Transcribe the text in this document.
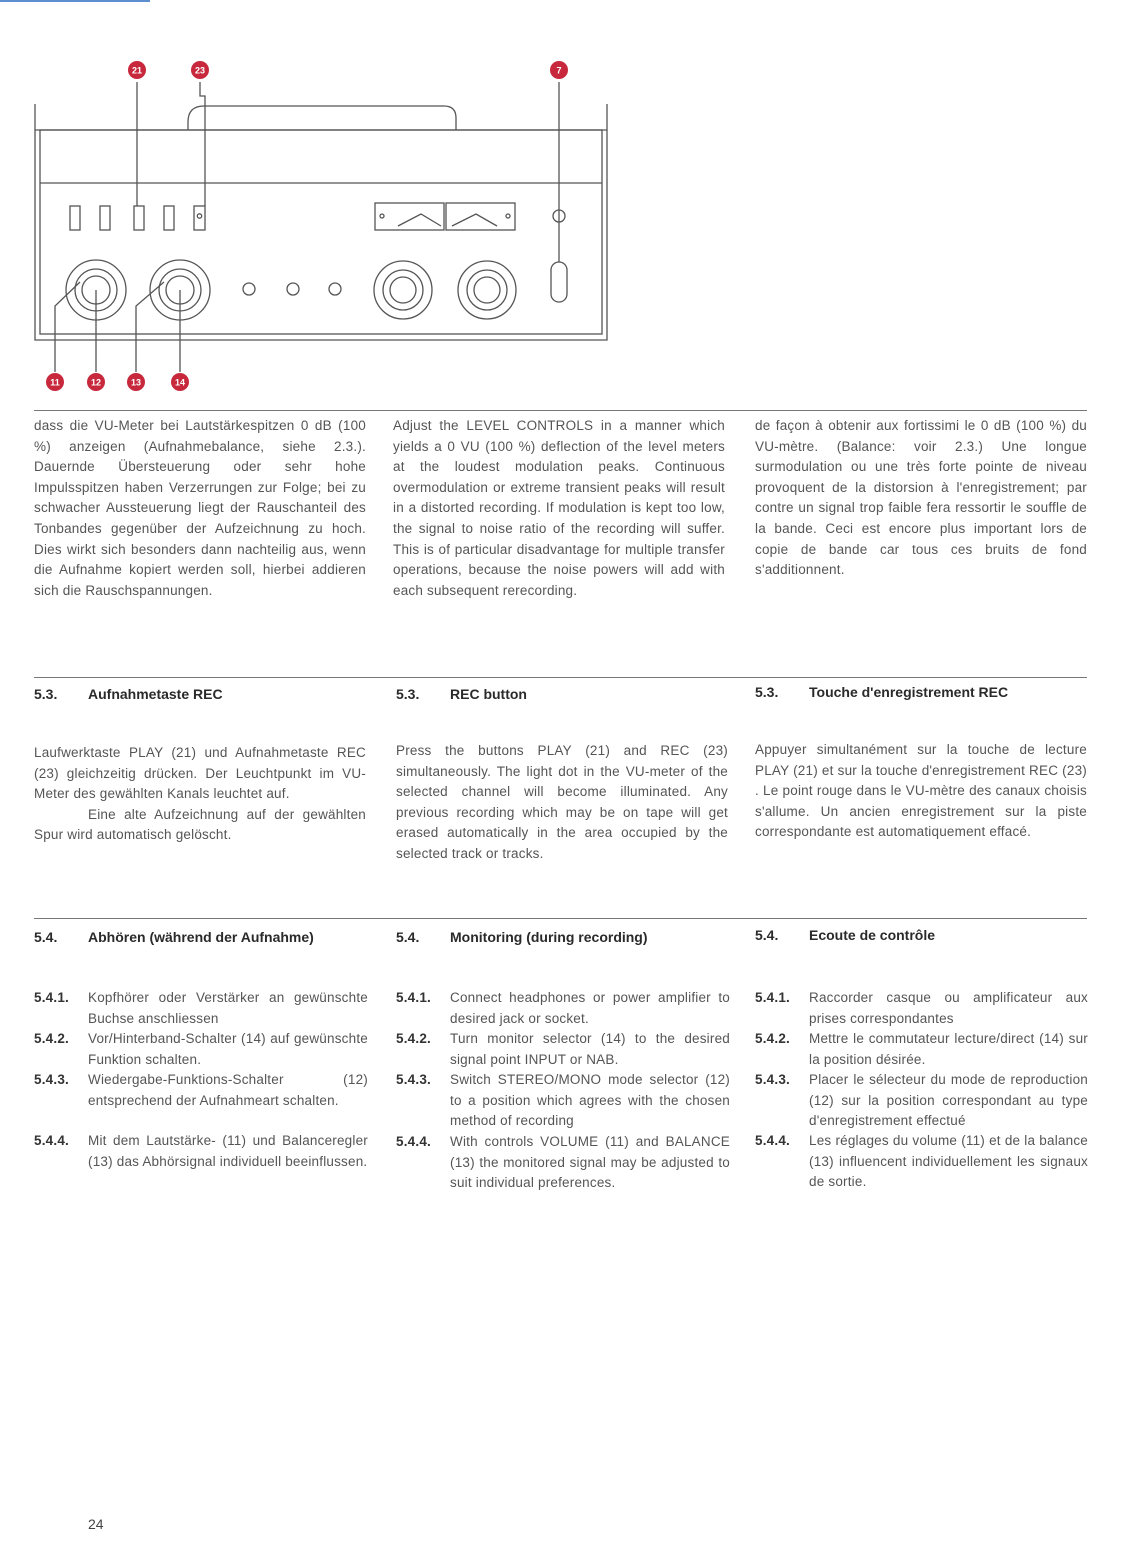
21	23	7
11	12	13	14

dass die VU-Meter bei Lautstärkespitzen 0 dB (100 %) anzeigen (Aufnahmebalance, siehe 2.3.). Dauernde Übersteuerung oder sehr hohe Impulsspitzen haben Verzerrungen zur Folge; bei zu schwacher Aussteuerung liegt der Rauschanteil des Tonbandes gegenüber der Aufzeichnung zu hoch. Dies wirkt sich besonders dann nachteilig aus, wenn die Aufnahme kopiert werden soll, hierbei addieren sich die Rauschspannungen.

Adjust the LEVEL CONTROLS in a manner which yields a 0 VU (100 %) deflection of the level meters at the loudest modulation peaks. Continuous overmodulation or extreme transient peaks will result in a distorted recording. If modulation is kept too low, the signal to noise ratio of the recording will suffer. This is of particular disadvantage for multiple transfer operations, because the noise powers will add with each subsequent rerecording.

de façon à obtenir aux fortissimi le 0 dB (100 %) du VU-mètre. (Balance: voir 2.3.) Une longue surmodulation ou une très forte pointe de niveau provoquent de la distorsion à l'enregistrement; par contre un signal trop faible fera ressortir le souffle de la bande. Ceci est encore plus important lors de copie de bande car tous ces bruits de fond s'additionnent.

5.3. Aufnahmetaste REC	5.3. REC button	5.3. Touche d'enregistrement REC

Laufwerktaste PLAY (21) und Aufnahmetaste REC (23) gleichzeitig drücken. Der Leuchtpunkt im VU-Meter des gewählten Kanals leuchtet auf.

Eine alte Aufzeichnung auf der gewählten Spur wird automatisch gelöscht.

Press the buttons PLAY (21) and REC (23) simultaneously. The light dot in the VU-meter of the selected channel will become illuminated. Any previous recording which may be on tape will get erased automatically in the area occupied by the selected track or tracks.

Appuyer simultanément sur la touche de lecture PLAY (21) et sur la touche d'enregistrement REC (23) . Le point rouge dans le VU-mètre des canaux choisis s'allume. Un ancien enregistrement sur la piste correspondante est automatiquement effacé.

5.4. Abhören (während der Aufnahme)	5.4. Monitoring (during recording)	5.4. Ecoute de contrôle
5.4.1. Kopfhörer oder Verstärker an gewünschte Buchse anschliessen
5.4.2. Vor/Hinterband-Schalter (14) auf gewünschte Funktion schalten.
5.4.3. Wiedergabe-Funktions-Schalter (12) entsprechend der Aufnahmeart schalten.
5.4.4. Mit dem Lautstärke- (11) und Balanceregler (13) das Abhörsignal individuell beeinflussen.
5.4.1. Connect headphones or power amplifier to desired jack or socket.
5.4.2. Turn monitor selector (14) to the desired signal point INPUT or NAB.
5.4.3. Switch STEREO/MONO mode selector (12) to a position which agrees with the chosen method of recording
5.4.4. With controls VOLUME (11) and BALANCE (13) the monitored signal may be adjusted to suit individual preferences.
5.4.1. Raccorder casque ou amplificateur aux prises correspondantes
5.4.2. Mettre le commutateur lecture/direct (14) sur la position désirée.
5.4.3. Placer le sélecteur du mode de reproduction (12) sur la position correspondant au type d'enregistrement effectué
5.4.4. Les réglages du volume (11) et de la balance (13) influencent individuellement les signaux de sortie.
24
